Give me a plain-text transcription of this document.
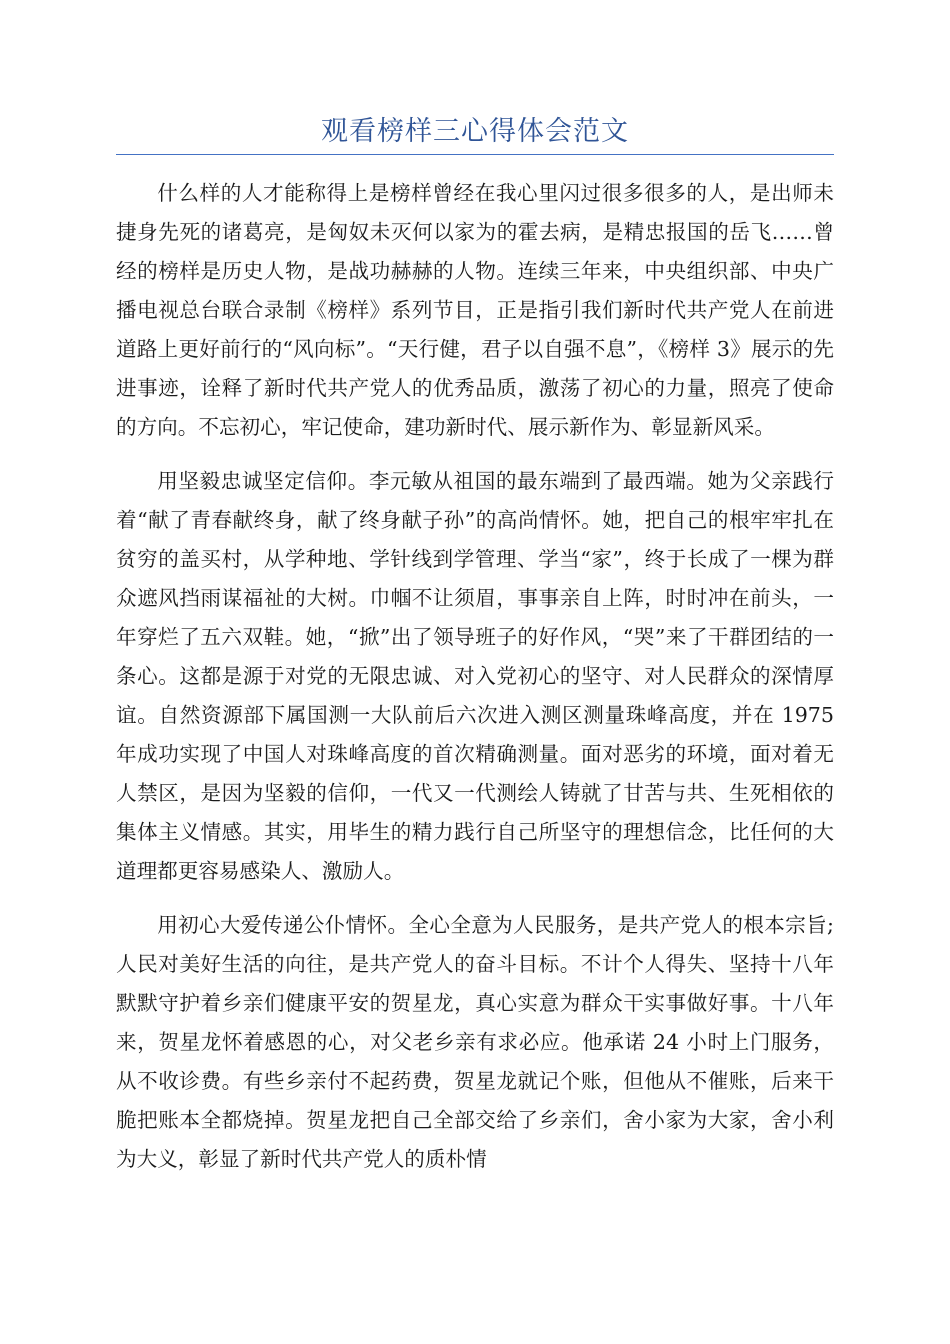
观看榜样三心得体会范文

什么样的人才能称得上是榜样曾经在我心里闪过很多很多的人，是出师未捷身先死的诸葛亮，是匈奴未灭何以家为的霍去病，是精忠报国的岳飞……曾经的榜样是历史人物，是战功赫赫的人物。连续三年来，中央组织部、中央广播电视总台联合录制《榜样》系列节目，正是指引我们新时代共产党人在前进道路上更好前行的“风向标”。“天行健，君子以自强不息”，《榜样 3》展示的先进事迹，诠释了新时代共产党人的优秀品质，激荡了初心的力量，照亮了使命的方向。不忘初心，牢记使命，建功新时代、展示新作为、彰显新风采。

用坚毅忠诚坚定信仰。李元敏从祖国的最东端到了最西端。她为父亲践行着“献了青春献终身，献了终身献子孙”的高尚情怀。她，把自己的根牢牢扎在贫穷的盖买村，从学种地、学针线到学管理、学当“家”，终于长成了一棵为群众遮风挡雨谋福祉的大树。巾帼不让须眉，事事亲自上阵，时时冲在前头，一年穿烂了五六双鞋。她，“掀”出了领导班子的好作风，“哭”来了干群团结的一条心。这都是源于对党的无限忠诚、对入党初心的坚守、对人民群众的深情厚谊。自然资源部下属国测一大队前后六次进入测区测量珠峰高度，并在 1975 年成功实现了中国人对珠峰高度的首次精确测量。面对恶劣的环境，面对着无人禁区，是因为坚毅的信仰，一代又一代测绘人铸就了甘苦与共、生死相依的集体主义情感。其实，用毕生的精力践行自己所坚守的理想信念，比任何的大道理都更容易感染人、激励人。

用初心大爱传递公仆情怀。全心全意为人民服务，是共产党人的根本宗旨;人民对美好生活的向往，是共产党人的奋斗目标。不计个人得失、坚持十八年默默守护着乡亲们健康平安的贺星龙，真心实意为群众干实事做好事。十八年来，贺星龙怀着感恩的心，对父老乡亲有求必应。他承诺 24 小时上门服务，从不收诊费。有些乡亲付不起药费，贺星龙就记个账，但他从不催账，后来干脆把账本全都烧掉。贺星龙把自己全部交给了乡亲们，舍小家为大家，舍小利为大义，彰显了新时代共产党人的质朴情
